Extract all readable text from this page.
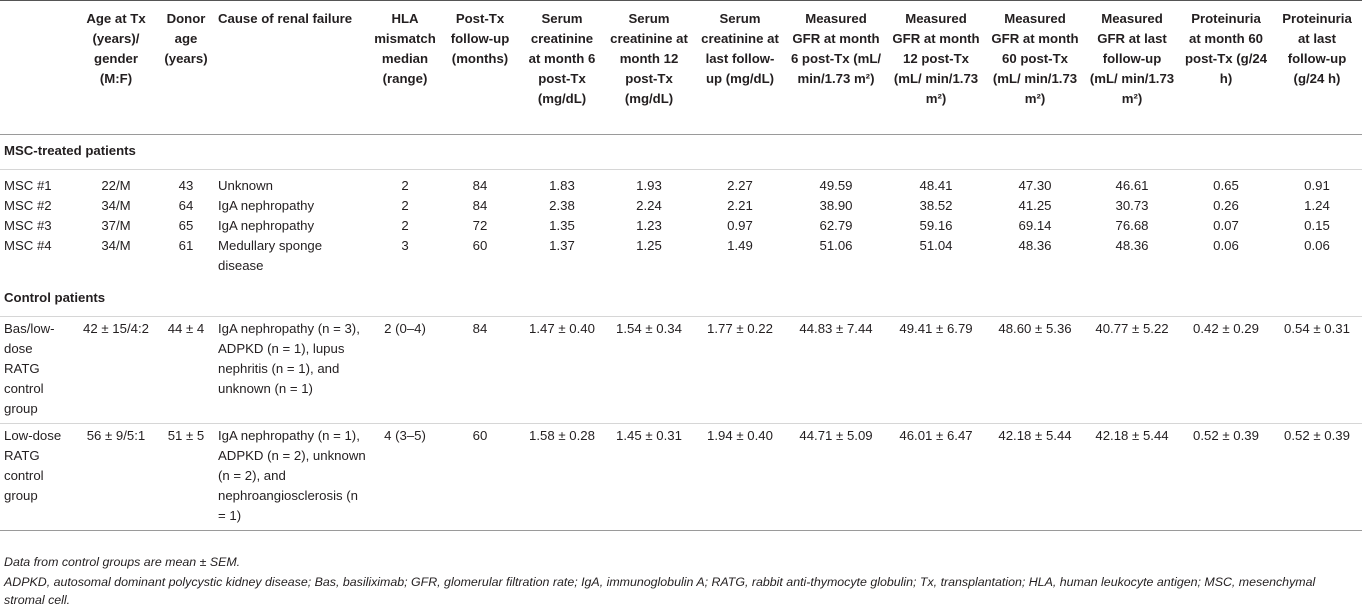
	Age at Tx (years)/ gender (M:F)	Donor age (years)	Cause of renal failure	HLA mismatch median (range)	Post-Tx follow-up (months)	Serum creatinine at month 6 post-Tx (mg/dL)	Serum creatinine at month 12 post-Tx (mg/dL)	Serum creatinine at last follow-up (mg/dL)	Measured GFR at month 6 post-Tx (mL/ min/1.73 m²)	Measured GFR at month 12 post-Tx (mL/ min/1.73 m²)	Measured GFR at month 60 post-Tx (mL/ min/1.73 m²)	Measured GFR at last follow-up (mL/ min/1.73 m²)	Proteinuria at month 60 post-Tx (g/24 h)	Proteinuria at last follow-up (g/24 h)
MSC-treated patients														
MSC #1	22/M	43	Unknown	2	84	1.83	1.93	2.27	49.59	48.41	47.30	46.61	0.65	0.91
MSC #2	34/M	64	IgA nephropathy	2	84	2.38	2.24	2.21	38.90	38.52	41.25	30.73	0.26	1.24
MSC #3	37/M	65	IgA nephropathy	2	72	1.35	1.23	0.97	62.79	59.16	69.14	76.68	0.07	0.15
MSC #4	34/M	61	Medullary sponge disease	3	60	1.37	1.25	1.49	51.06	51.04	48.36	48.36	0.06	0.06
Control patients														
Bas/low-dose RATG control group	42 ± 15/4:2	44 ± 4	IgA nephropathy (n = 3), ADPKD (n = 1), lupus nephritis (n = 1), and unknown (n = 1)	2 (0–4)	84	1.47 ± 0.40	1.54 ± 0.34	1.77 ± 0.22	44.83 ± 7.44	49.41 ± 6.79	48.60 ± 5.36	40.77 ± 5.22	0.42 ± 0.29	0.54 ± 0.31
Low-dose RATG control group	56 ± 9/5:1	51 ± 5	IgA nephropathy (n = 1), ADPKD (n = 2), unknown (n = 2), and nephroangiosclerosis (n = 1)	4 (3–5)	60	1.58 ± 0.28	1.45 ± 0.31	1.94 ± 0.40	44.71 ± 5.09	46.01 ± 6.47	42.18 ± 5.44	42.18 ± 5.44	0.52 ± 0.39	0.52 ± 0.39
Data from control groups are mean ± SEM.
ADPKD, autosomal dominant polycystic kidney disease; Bas, basiliximab; GFR, glomerular filtration rate; IgA, immunoglobulin A; RATG, rabbit anti-thymocyte globulin; Tx, transplantation; HLA, human leukocyte antigen; MSC, mesenchymal stromal cell.
